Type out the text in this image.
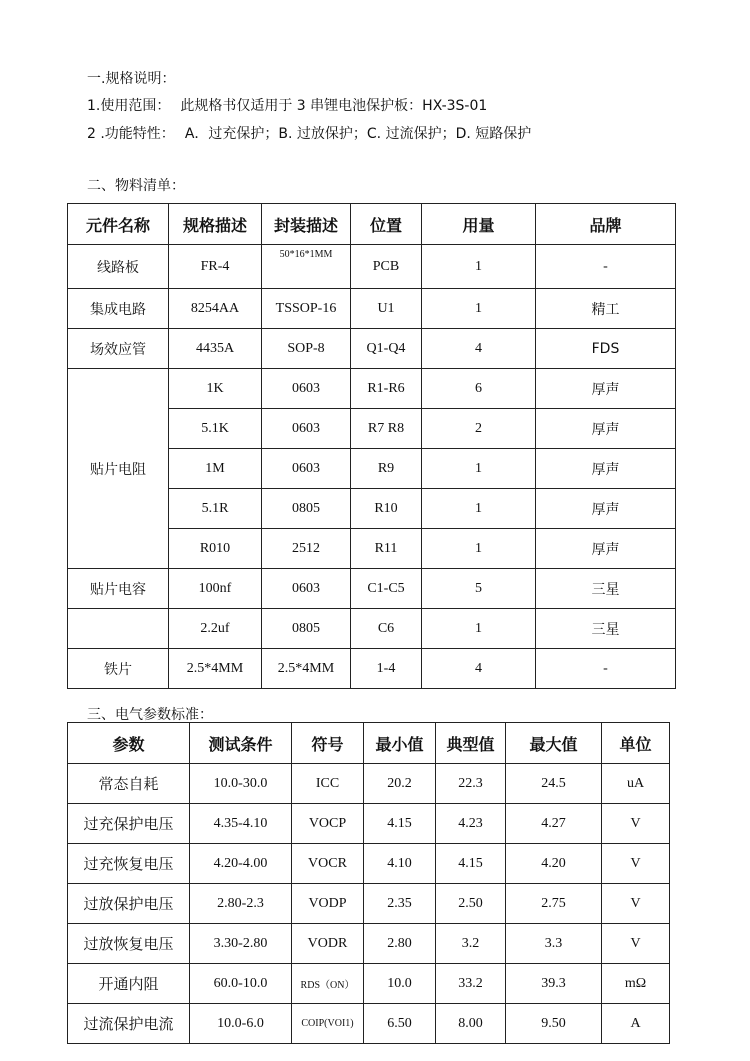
一.规格说明：
1.使用范围： 此规格书仅适用于 3 串锂电池保护板：HX-3S-01
2 .功能特性： A．过充保护；B. 过放保护；C. 过流保护；D. 短路保护
二、物料清单：
元件名称	规格描述	封装描述	位置	用量	品牌
线路板	FR-4	50*16*1MM	PCB	1	-
集成电路	8254AA	TSSOP-16	U1	1	精工
场效应管	4435A	SOP-8	Q1-Q4	4	FDS
贴片电阻	1K	0603	R1-R6	6	厚声
	5.1K	0603	R7 R8	2	厚声
	1M	0603	R9	1	厚声
	5.1R	0805	R10	1	厚声
	R010	2512	R11	1	厚声
贴片电容	100nf	0603	C1-C5	5	三星
	2.2uf	0805	C6	1	三星
铁片	2.5*4MM	2.5*4MM	1-4	4	-
三、电气参数标准：
参数	测试条件	符号	最小值	典型值	最大值	单位
常态自耗	10.0-30.0	ICC	20.2	22.3	24.5	uA
过充保护电压	4.35-4.10	VOCP	4.15	4.23	4.27	V
过充恢复电压	4.20-4.00	VOCR	4.10	4.15	4.20	V
过放保护电压	2.80-2.3	VODP	2.35	2.50	2.75	V
过放恢复电压	3.30-2.80	VODR	2.80	3.2	3.3	V
开通内阻	60.0-10.0	RDS（ON）	10.0	33.2	39.3	mΩ
过流保护电流	10.0-6.0	COIP(VOI1)	6.50	8.00	9.50	A
